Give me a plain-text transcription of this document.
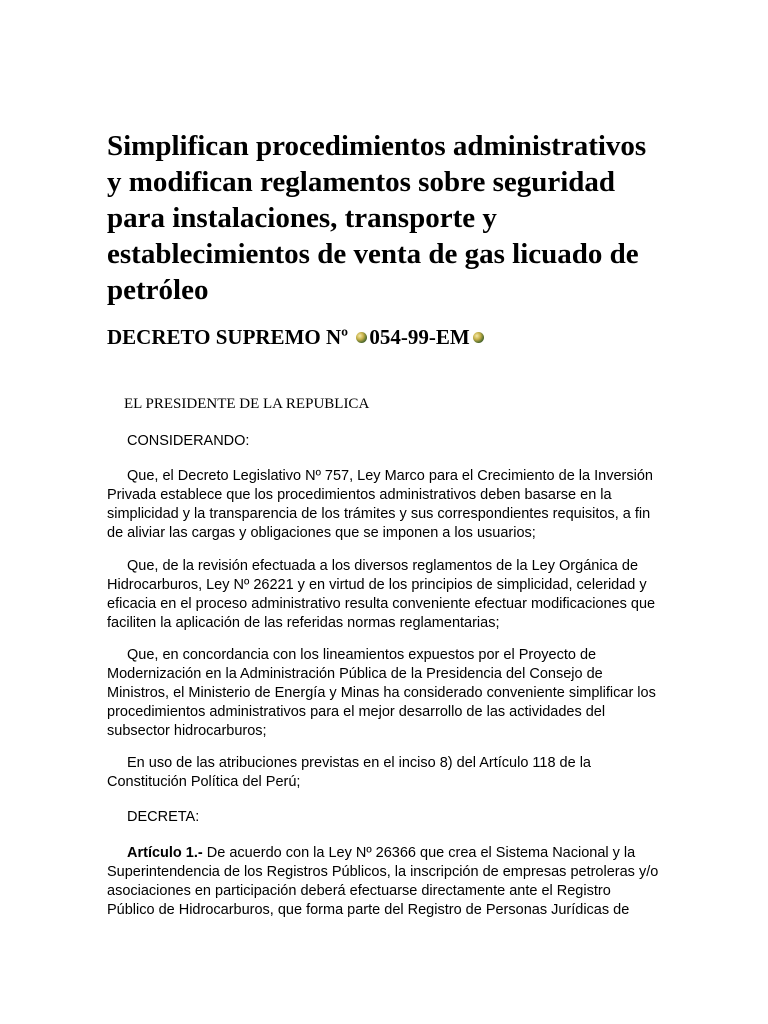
Simplifican procedimientos administrativos y modifican reglamentos sobre seguridad para instalaciones, transporte y establecimientos de venta de gas licuado de petróleo
DECRETO SUPREMO Nº 054-99-EM

EL PRESIDENTE DE LA REPUBLICA

CONSIDERANDO:

Que, el Decreto Legislativo Nº 757, Ley Marco para el Crecimiento de la Inversión Privada establece que los procedimientos administrativos deben basarse en la simplicidad y la transparencia de los trámites y sus correspondientes requisitos, a fin de aliviar las cargas y obligaciones que se imponen a los usuarios;

Que, de la revisión efectuada a los diversos reglamentos de la Ley Orgánica de Hidrocarburos, Ley Nº 26221 y en virtud de los principios de simplicidad, celeridad y eficacia en el proceso administrativo resulta conveniente efectuar modificaciones que faciliten la aplicación de las referidas normas reglamentarias;

Que, en concordancia con los lineamientos expuestos por el Proyecto de Modernización en la Administración Pública de la Presidencia del Consejo de Ministros, el Ministerio de Energía y Minas ha considerado conveniente simplificar los procedimientos administrativos para el mejor desarrollo de las actividades del subsector hidrocarburos;

En uso de las atribuciones previstas en el inciso 8) del Artículo 118 de la Constitución Política del Perú;

DECRETA:

Artículo 1.- De acuerdo con la Ley Nº 26366 que crea el Sistema Nacional y la Superintendencia de los Registros Públicos, la inscripción de empresas petroleras y/o asociaciones en participación deberá efectuarse directamente ante el Registro Público de Hidrocarburos, que forma parte del Registro de Personas Jurídicas de
